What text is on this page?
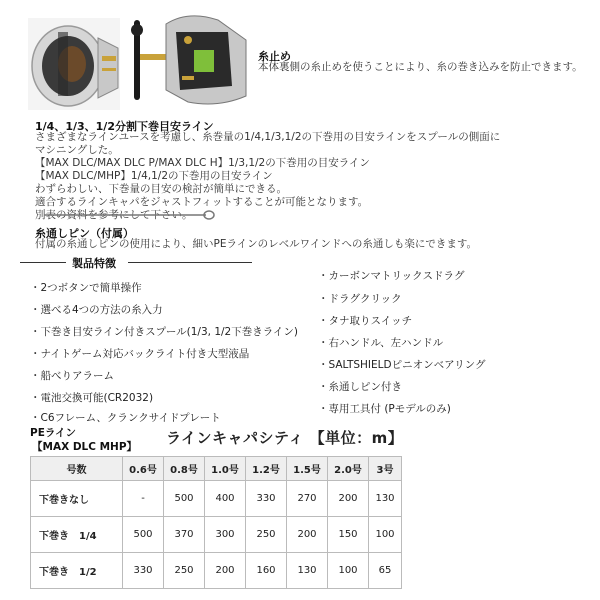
糸止め
本体裏側の糸止めを使うことにより、糸の巻き込みを防止できます。
1/4、1/3、1/2分割下巻目安ライン
さまざまなラインユースを考慮し、糸巻量の1/4,1/3,1/2の下巻用の目安ラインをスプールの側面に
マシニングした。
【MAX DLC/MAX DLC P/MAX DLC H】1/3,1/2の下巻用の目安ライン
【MAX DLC/MHP】1/4,1/2の下巻用の目安ライン
わずらわしい、下巻量の目安の検討が簡単にできる。
適合するラインキャパをジャストフィットすることが可能となります。
別表の資料を参考にして下さい。
糸通しピン（付属）
付属の糸通しピンの使用により、細いPEラインのレベルワインドへの糸通しも楽にできます。
製品特徴
・2つボタンで簡単操作
・選べる4つの方法の糸入力
・下巻き目安ライン付きスプール(1/3, 1/2下巻きライン)
・ナイトゲーム対応バックライト付き大型液晶
・船べりアラーム
・電池交換可能(CR2032)
・C6フレーム、クランクサイドプレート
・カーボンマトリックスドラグ
・ドラグクリック
・タナ取りスイッチ
・右ハンドル、左ハンドル
・SALTSHIELDピニオンベアリング
・糸通しピン付き
・専用工具付 (Pモデルのみ)
PEライン
【MAX DLC MHP】 ラインキャパシティ 【単位：m】
号数	0.6号	0.8号	1.0号	1.2号	1.5号	2.0号	3号
下巻きなし	-	500	400	330	270	200	130
下巻き　1/4	500	370	300	250	200	150	100
下巻き　1/2	330	250	200	160	130	100	65
